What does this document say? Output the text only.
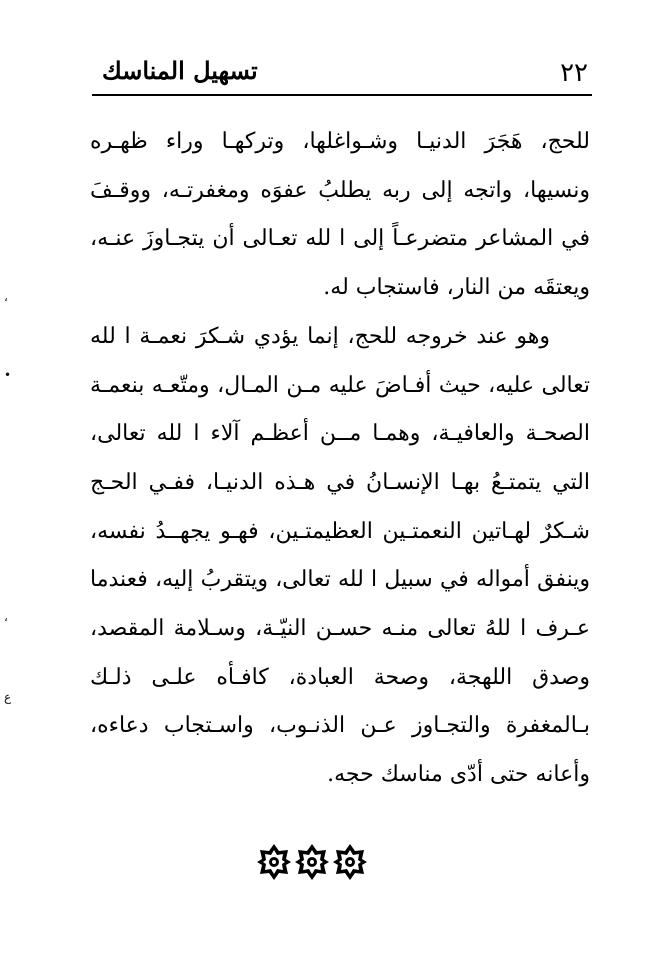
٢٢
تسهيل المناسك

للحج، هَجَرَ الدنيـا وشـواغلها، وتركهـا وراء ظهـره ونسيها، واتجه إلى ربه يطلبُ عفوَه ومغفرتـه، ووقـفَ في المشاعر متضرعـاً إلى ا لله تعـالى أن يتجـاوزَ عنـه، ويعتقَه من النار، فاستجاب له.

وهو عند خروجه للحج، إنما يؤدي شـكرَ نعمـة ا لله تعالى عليه، حيث أفـاضَ عليه مـن المـال، ومتّعـه بنعمـة الصحـة والعافيـة، وهمـا مــن أعظـم آلاء ا لله تعالى، التي يتمتـعُ بهـا الإنسـانُ في هـذه الدنيـا، ففـي الحـج شـكرٌ لهـاتين النعمتـين العظيمتـين، فهـو يجهــدُ نفسه، وينفق أمواله في سبيل ا لله تعالى، ويتقربُ إليه، فعندما عـرف ا للهُ تعالى منـه حسـن النيّـة، وسـلامة المقصد، وصدق اللهجة، وصحة العبادة، كافـأه علـى ذلـك بـالمغفرة والتجـاوز عـن الذنـوب، واسـتجاب دعاءه، وأعانه حتى أدّى مناسك حجه.

،
•
،
ع
